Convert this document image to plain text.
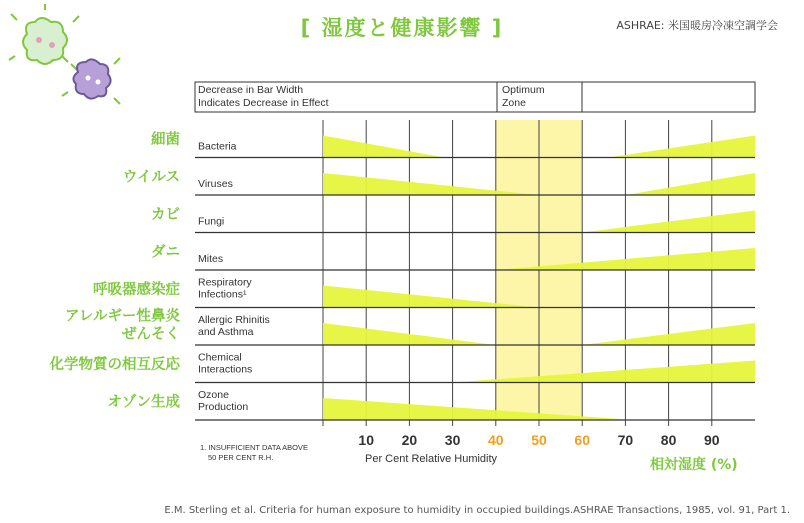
[ 湿度と健康影響 ]	ASHRAE: 米国暖房冷凍空調学会
Decrease in Bar Width
Indicates Decrease in Effect
Optimum
Zone
Bacteria
細菌
Viruses
ウイルス
Fungi
カビ
Mites
ダニ
Respiratory
Infections¹
呼吸器感染症
Allergic Rhinitis
and Asthma
アレルギー性鼻炎
ぜんそく
Chemical
Interactions
化学物質の相互反応
Ozone
Production
オゾン生成
10 20 30 40 50 60 70 80 90
Per Cent Relative Humidity
1. INSUFFICIENT DATA ABOVE
50 PER CENT R.H.	相対湿度 (%)
E.M. Sterling et al. Criteria for human exposure to humidity in occupied buildings.ASHRAE Transactions, 1985, vol. 91, Part 1.
